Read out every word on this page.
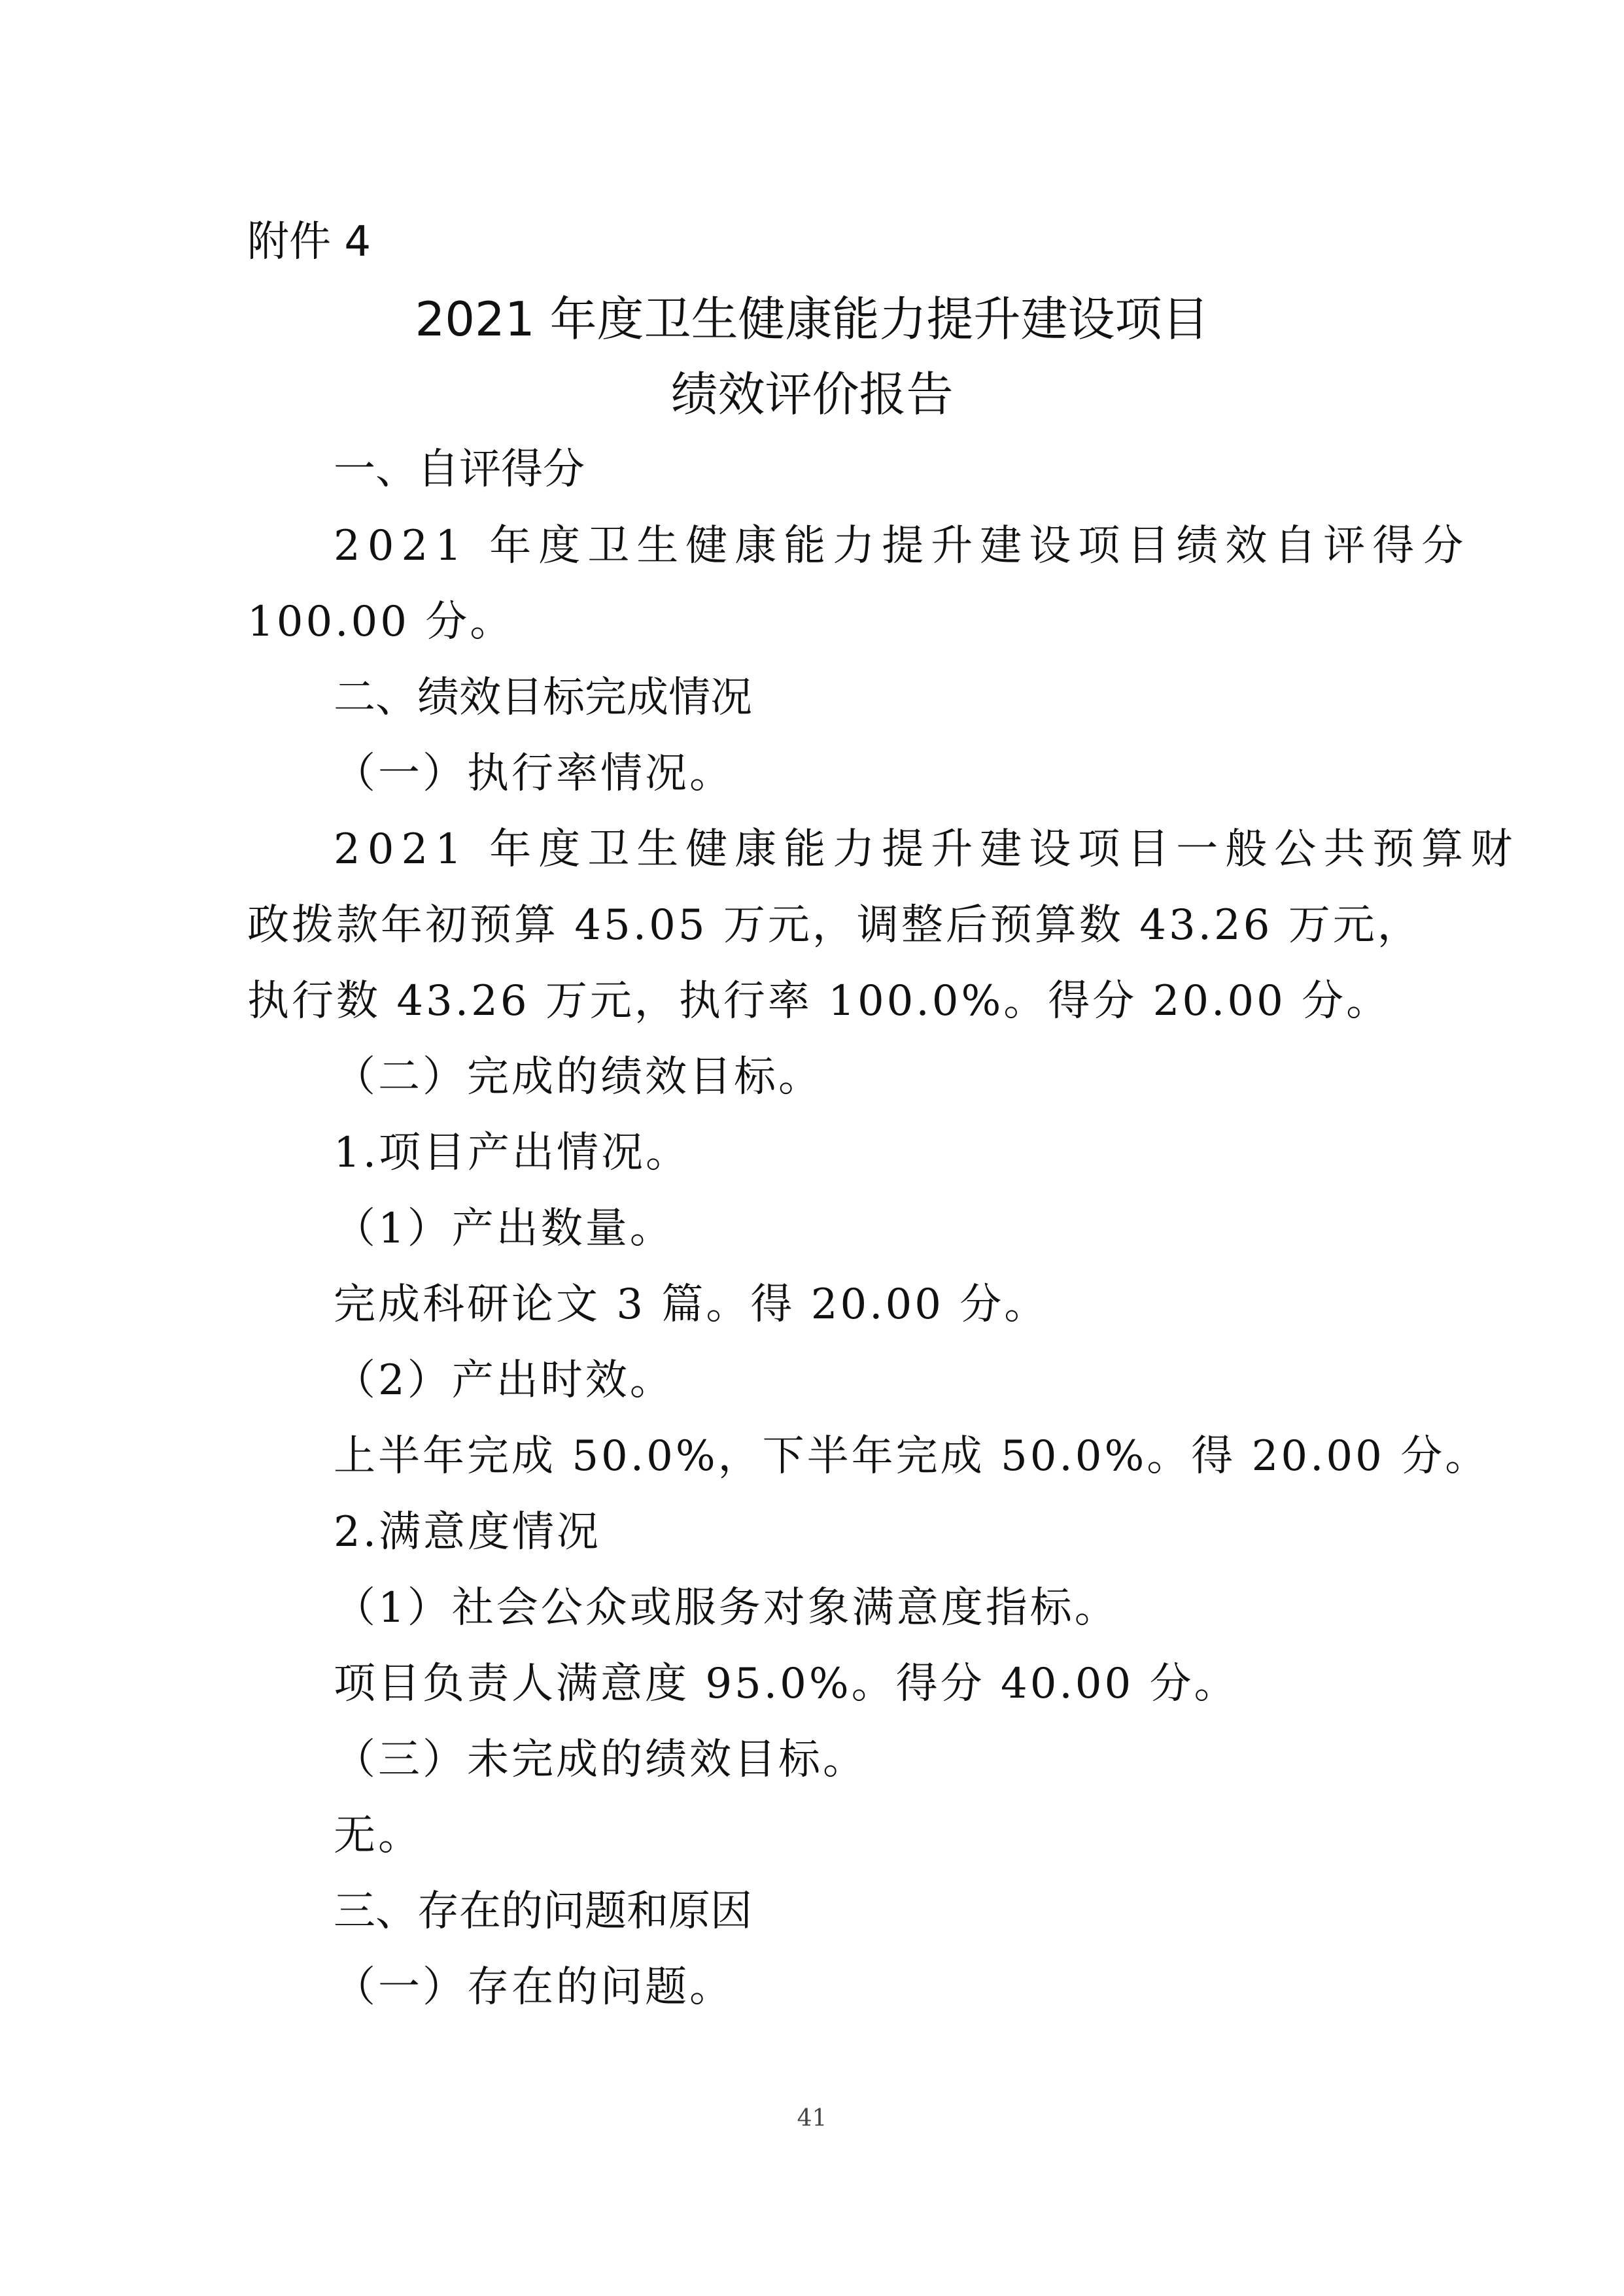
附件 4
2021 年度卫生健康能力提升建设项目
绩效评价报告
一、自评得分
2021 年度卫生健康能力提升建设项目绩效自评得分
100.00 分。
二、绩效目标完成情况
（一）执行率情况。
2021 年度卫生健康能力提升建设项目一般公共预算财
政拨款年初预算 45.05 万元，调整后预算数 43.26 万元，
执行数 43.26 万元，执行率 100.0%。得分 20.00 分。
（二）完成的绩效目标。
1.项目产出情况。
（1）产出数量。
完成科研论文 3 篇。得 20.00 分。
（2）产出时效。
上半年完成 50.0%，下半年完成 50.0%。得 20.00 分。
2.满意度情况
（1）社会公众或服务对象满意度指标。
项目负责人满意度 95.0%。得分 40.00 分。
（三）未完成的绩效目标。
无。
三、存在的问题和原因
（一）存在的问题。
41
